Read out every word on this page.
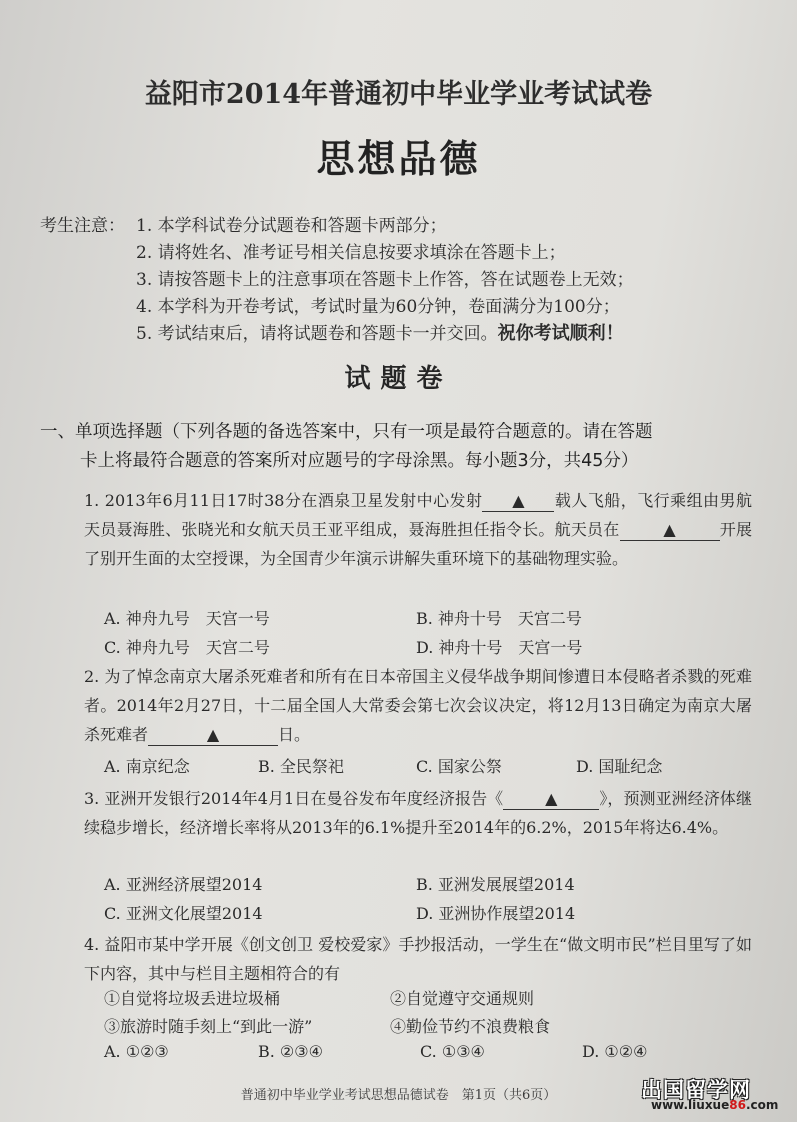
益阳市2014年普通初中毕业学业考试试卷
思想品德
考生注意： 1. 本学科试卷分试题卷和答题卡两部分；
2. 请将姓名、准考证号相关信息按要求填涂在答题卡上；
3. 请按答题卡上的注意事项在答题卡上作答，答在试题卷上无效；
4. 本学科为开卷考试，考试时量为60分钟，卷面满分为100分；
5. 考试结束后，请将试题卷和答题卡一并交回。祝你考试顺利！
试题卷
一、单项选择题（下列各题的备选答案中，只有一项是最符合题意的。请在答题
卡上将最符合题意的答案所对应题号的字母涂黑。每小题3分，共45分）
1. 2013年6月11日17时38分在酒泉卫星发射中心发射 ▲ 载人飞船，飞行乘组由男航天员聂海胜、张晓光和女航天员王亚平组成，聂海胜担任指令长。航天员在	▲	开展了别开生面的太空授课，为全国青少年演示讲解失重环境下的基础物理实验。
A. 神舟九号　天宫一号	B. 神舟十号　天宫二号
C. 神舟九号　天宫二号	D. 神舟十号　天宫一号
2. 为了悼念南京大屠杀死难者和所有在日本帝国主义侵华战争期间惨遭日本侵略者杀戮的死难者。2014年2月27日，十二届全国人大常委会第七次会议决定，将12月13日确定为南京大屠杀死难者	▲	日。
A. 南京纪念	B. 全民祭祀	C. 国家公祭	D. 国耻纪念
3. 亚洲开发银行2014年4月1日在曼谷发布年度经济报告《	▲	》，预测亚洲经济体继续稳步增长，经济增长率将从2013年的6.1%提升至2014年的6.2%，2015年将达6.4%。
A. 亚洲经济展望2014	B. 亚洲发展展望2014
C. 亚洲文化展望2014	D. 亚洲协作展望2014
4. 益阳市某中学开展《创文创卫 爱校爱家》手抄报活动，一学生在“做文明市民”栏目里写了如下内容，其中与栏目主题相符合的有
①自觉将垃圾丢进垃圾桶	②自觉遵守交通规则
③旅游时随手刻上“到此一游”	④勤俭节约不浪费粮食
A. ①②③	B. ②③④	C. ①③④	D. ①②④
普通初中毕业学业考试思想品德试卷　第1页（共6页）	出国留学网
www.liuxue86.com
